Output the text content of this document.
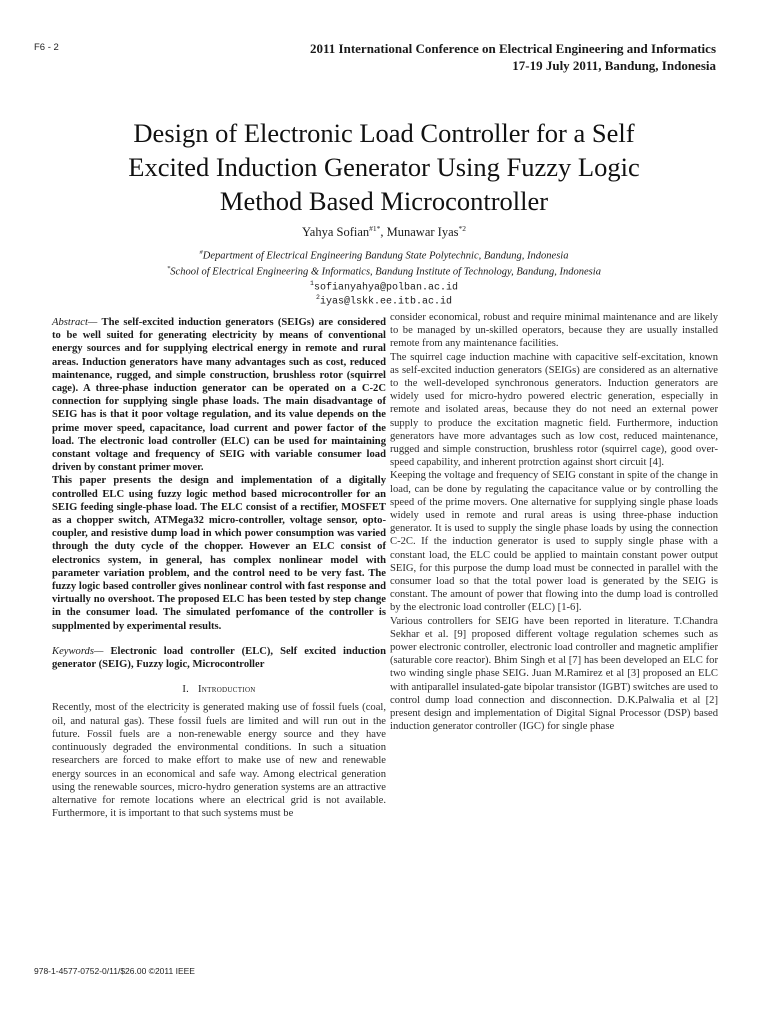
F6 - 2	2011 International Conference on Electrical Engineering and Informatics
17-19 July 2011, Bandung, Indonesia
Design of Electronic Load Controller for a Self
Excited Induction Generator Using Fuzzy Logic
Method Based Microcontroller
Yahya Sofian$^{\#1*}$, Munawar Iyas$^{*2}$
#Department of Electrical Engineering Bandung State Polytechnic, Bandung, Indonesia
*School of Electrical Engineering & Informatics, Bandung Institute of Technology, Bandung, Indonesia
$^1$sofianyahya@polban.ac.id
$^2$iyas@lskk.ee.itb.ac.id

Abstract— The self-excited induction generators (SEIGs) are considered to be well suited for generating electricity by means of conventional energy sources and for supplying electrical energy in remote and rural areas. Induction generators have many advantages such as cost, reduced maintenance, rugged, and simple construction, brushless rotor (squirrel cage). A three-phase induction generator can be operated on a C-2C connection for supplying single phase loads. The main disadvantage of SEIG has is that it poor voltage regulation, and its value depends on the prime mover speed, capacitance, load current and power factor of the load. The electronic load controller (ELC) can be used for maintaining constant voltage and frequency of SEIG with variable consumer load driven by constant primer mover.

This paper presents the design and implementation of a digitally controlled ELC using fuzzy logic method based microcontroller for an SEIG feeding single-phase load. The ELC consist of a rectifier, MOSFET as a chopper switch, ATMega32 micro-controller, voltage sensor, opto-coupler, and resistive dump load in which power consumption was varied through the duty cycle of the chopper. However an ELC consist of electronics system, in general, has complex nonlinear model with parameter variation problem, and the control need to be very fast. The fuzzy logic based controller gives nonlinear control with fast response and virtually no overshoot. The proposed ELC has been tested by step change in the consumer load. The simulated perfomance of the controller is supplmented by experimental results.

Keywords— Electronic load controller (ELC), Self excited induction generator (SEIG), Fuzzy logic, Microcontroller

I. Introduction

Recently, most of the electricity is generated making use of fossil fuels (coal, oil, and natural gas). These fossil fuels are limited and will run out in the future. Fossil fuels are a non-renewable energy source and they have continuously degraded the environmental conditions. In such a situation researchers are forced to make effort to make use of new and renewable energy sources in an economical and safe way. Among electrical generation using the renewable sources, micro-hydro generation systems are an attractive alternative for remote locations where an electrical grid is not available. Furthermore, it is important to that such systems must be

consider economical, robust and require minimal maintenance and are likely to be managed by un-skilled operators, because they are usually installed remote from any maintenance facilities.

The squirrel cage induction machine with capacitive self-excitation, known as self-excited induction generators (SEIGs) are considered as an alternative to the well-developed synchronous generators. Induction generators are widely used for micro-hydro powered electric generation, especially in remote and isolated areas, because they do not need an external power supply to produce the excitation magnetic field. Furthermore, induction generators have more advantages such as low cost, reduced maintenance, rugged and simple construction, brushless rotor (squirrel cage), good over-speed capability, and inherent protrction against short circuit [4].

Keeping the voltage and frequency of SEIG constant in spite of the change in load, can be done by regulating the capacitance value or by controlling the speed of the prime movers. One alternative for supplying single phase loads widely used in remote and rural areas is using three-phase induction generator. It is used to supply the single phase loads by using the connection C-2C. If the induction generator is used to supply single phase with a constant load, the ELC could be applied to maintain constant power output SEIG, for this purpose the dump load must be connected in parallel with the consumer load so that the total power load is generated by the SEIG is constant. The amount of power that flowing into the dump load is controlled by the electronic load controller (ELC) [1-6].

Various controllers for SEIG have been reported in literature. T.Chandra Sekhar et al. [9] proposed different voltage regulation schemes such as power electronic controller, electronic load controller and magnetic amplifier (saturable core reactor). Bhim Singh et al [7] has been developed an ELC for two winding single phase SEIG. Juan M.Ramirez et al [3] proposed an ELC with antiparallel insulated-gate bipolar transistor (IGBT) switches are used to control dump load connection and disconnection. D.K.Palwalia et al [2] present design and implementation of Digital Signal Processor (DSP) based induction generator controller (IGC) for single phase

978-1-4577-0752-0/11/$26.00 ©2011 IEEE
